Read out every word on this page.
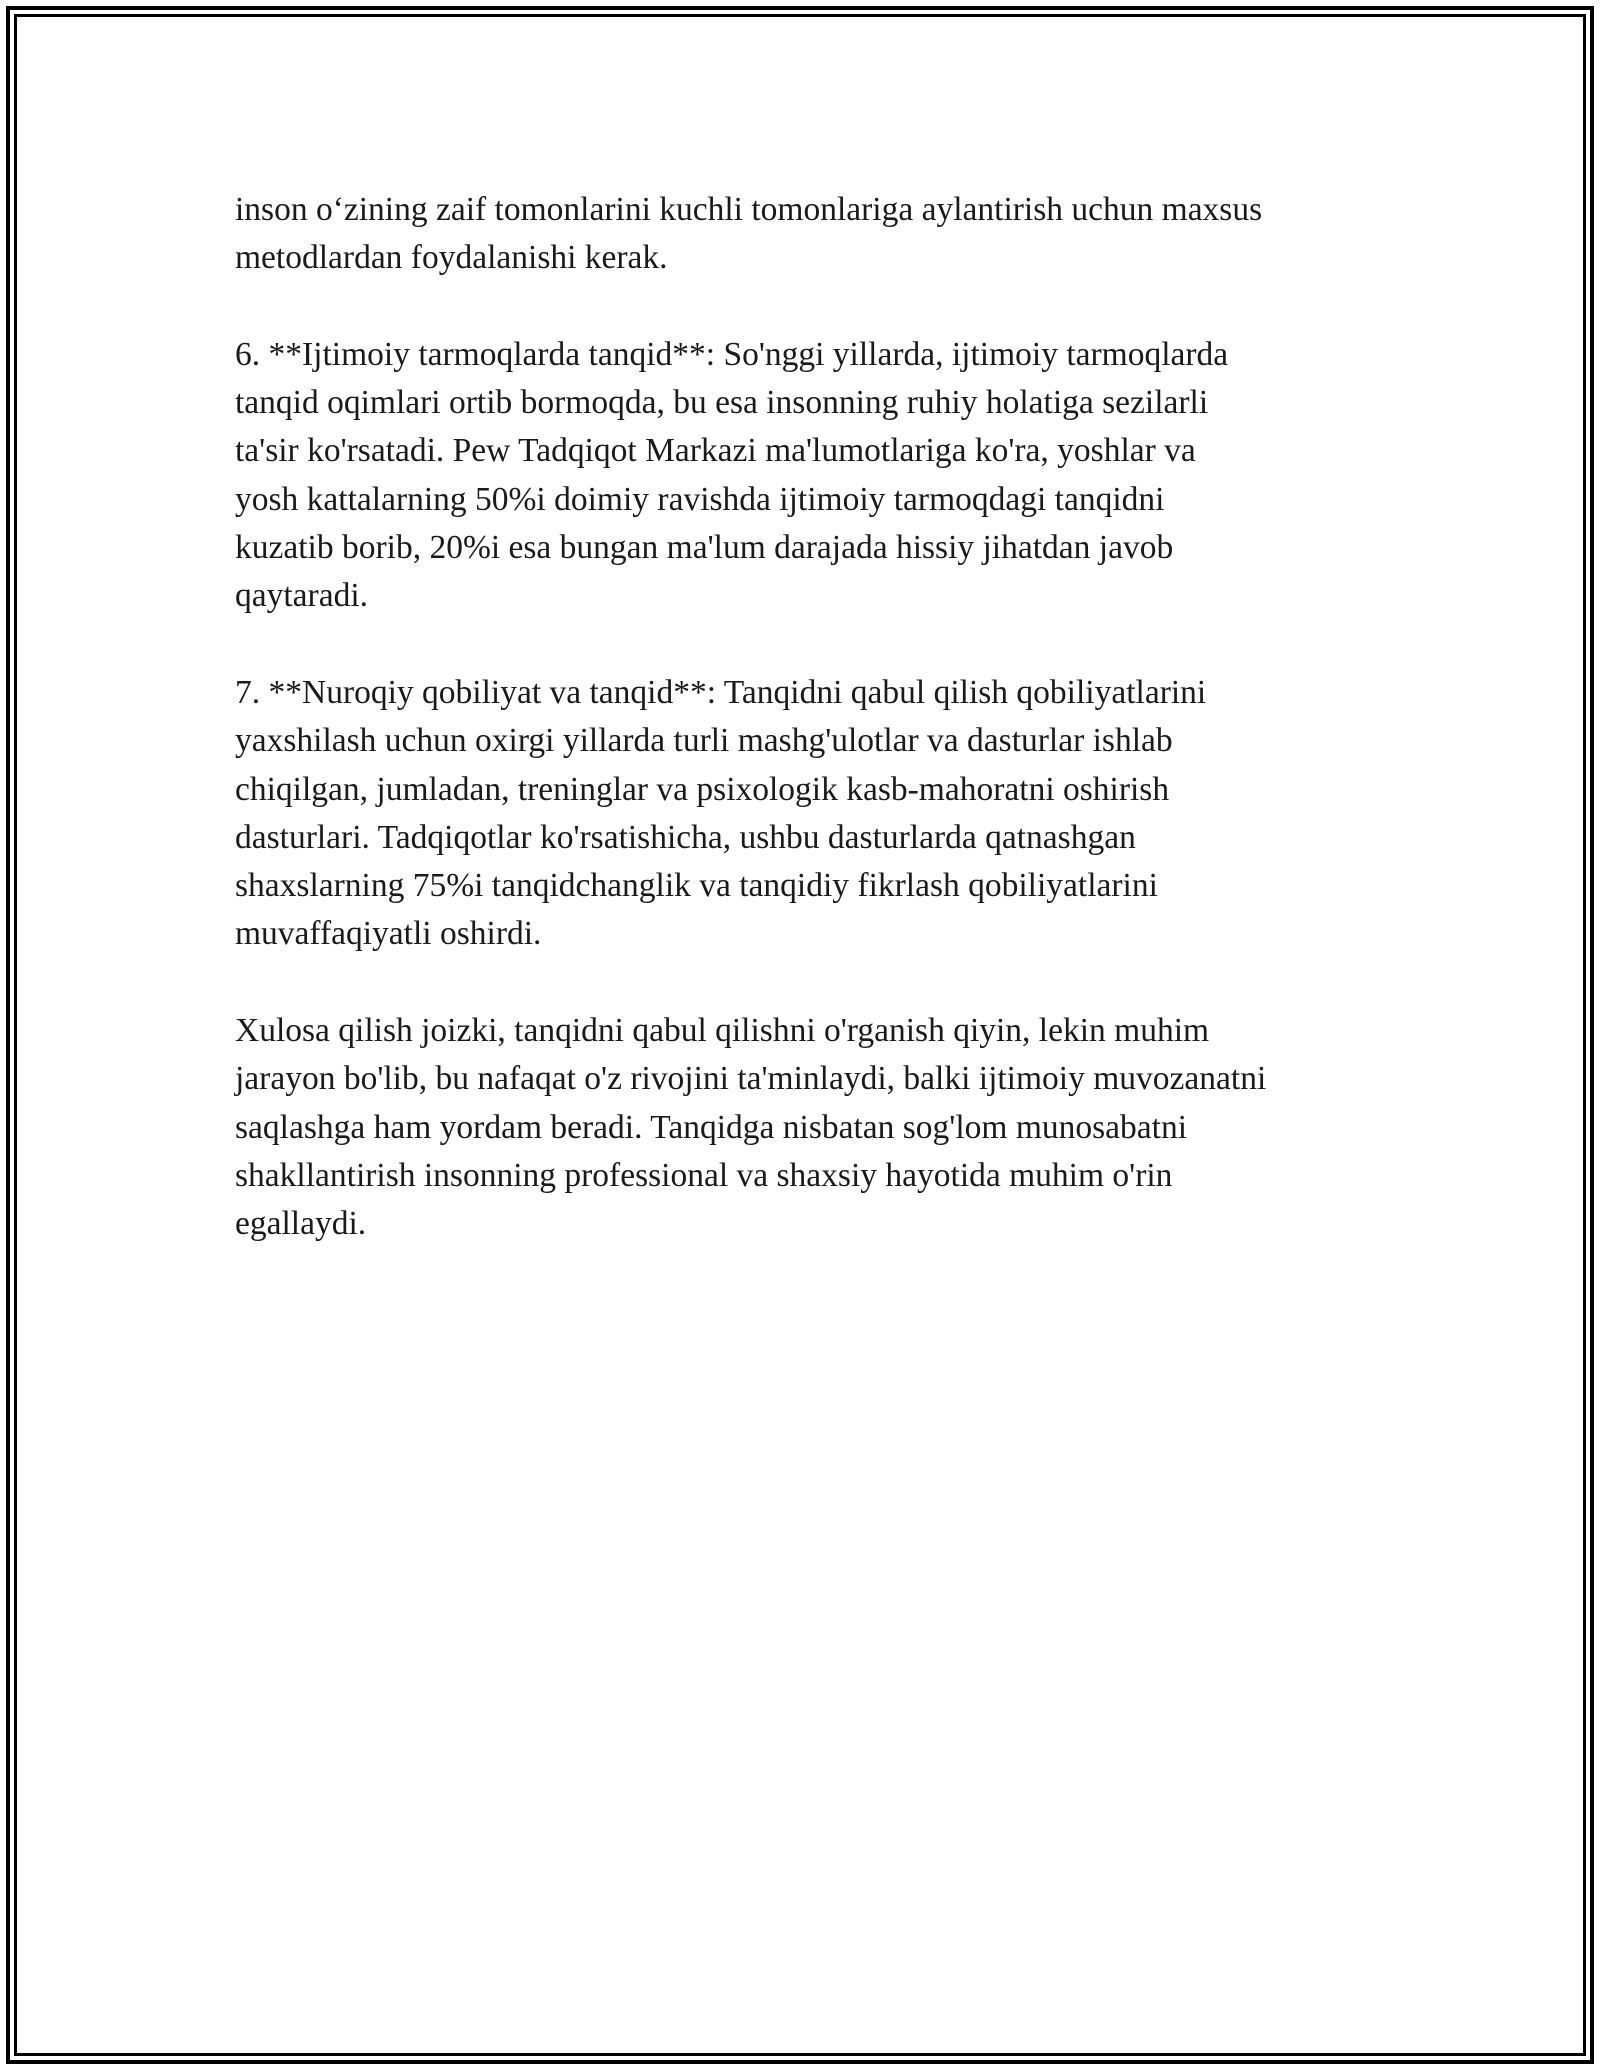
inson o‘zining zaif tomonlarini kuchli tomonlariga aylantirish uchun maxsus
metodlardan foydalanishi kerak.

6. **Ijtimoiy tarmoqlarda tanqid**: So'nggi yillarda, ijtimoiy tarmoqlarda
tanqid oqimlari ortib bormoqda, bu esa insonning ruhiy holatiga sezilarli
ta'sir ko'rsatadi. Pew Tadqiqot Markazi ma'lumotlariga ko'ra, yoshlar va
yosh kattalarning 50%i doimiy ravishda ijtimoiy tarmoqdagi tanqidni
kuzatib borib, 20%i esa bungan ma'lum darajada hissiy jihatdan javob
qaytaradi.

7. **Nuroqiy qobiliyat va tanqid**: Tanqidni qabul qilish qobiliyatlarini
yaxshilash uchun oxirgi yillarda turli mashg'ulotlar va dasturlar ishlab
chiqilgan, jumladan, treninglar va psixologik kasb-mahoratni oshirish
dasturlari. Tadqiqotlar ko'rsatishicha, ushbu dasturlarda qatnashgan
shaxslarning 75%i tanqidchanglik va tanqidiy fikrlash qobiliyatlarini
muvaffaqiyatli oshirdi.

Xulosa qilish joizki, tanqidni qabul qilishni o'rganish qiyin, lekin muhim
jarayon bo'lib, bu nafaqat o'z rivojini ta'minlaydi, balki ijtimoiy muvozanatni
saqlashga ham yordam beradi. Tanqidga nisbatan sog'lom munosabatni
shakllantirish insonning professional va shaxsiy hayotida muhim o'rin
egallaydi.
